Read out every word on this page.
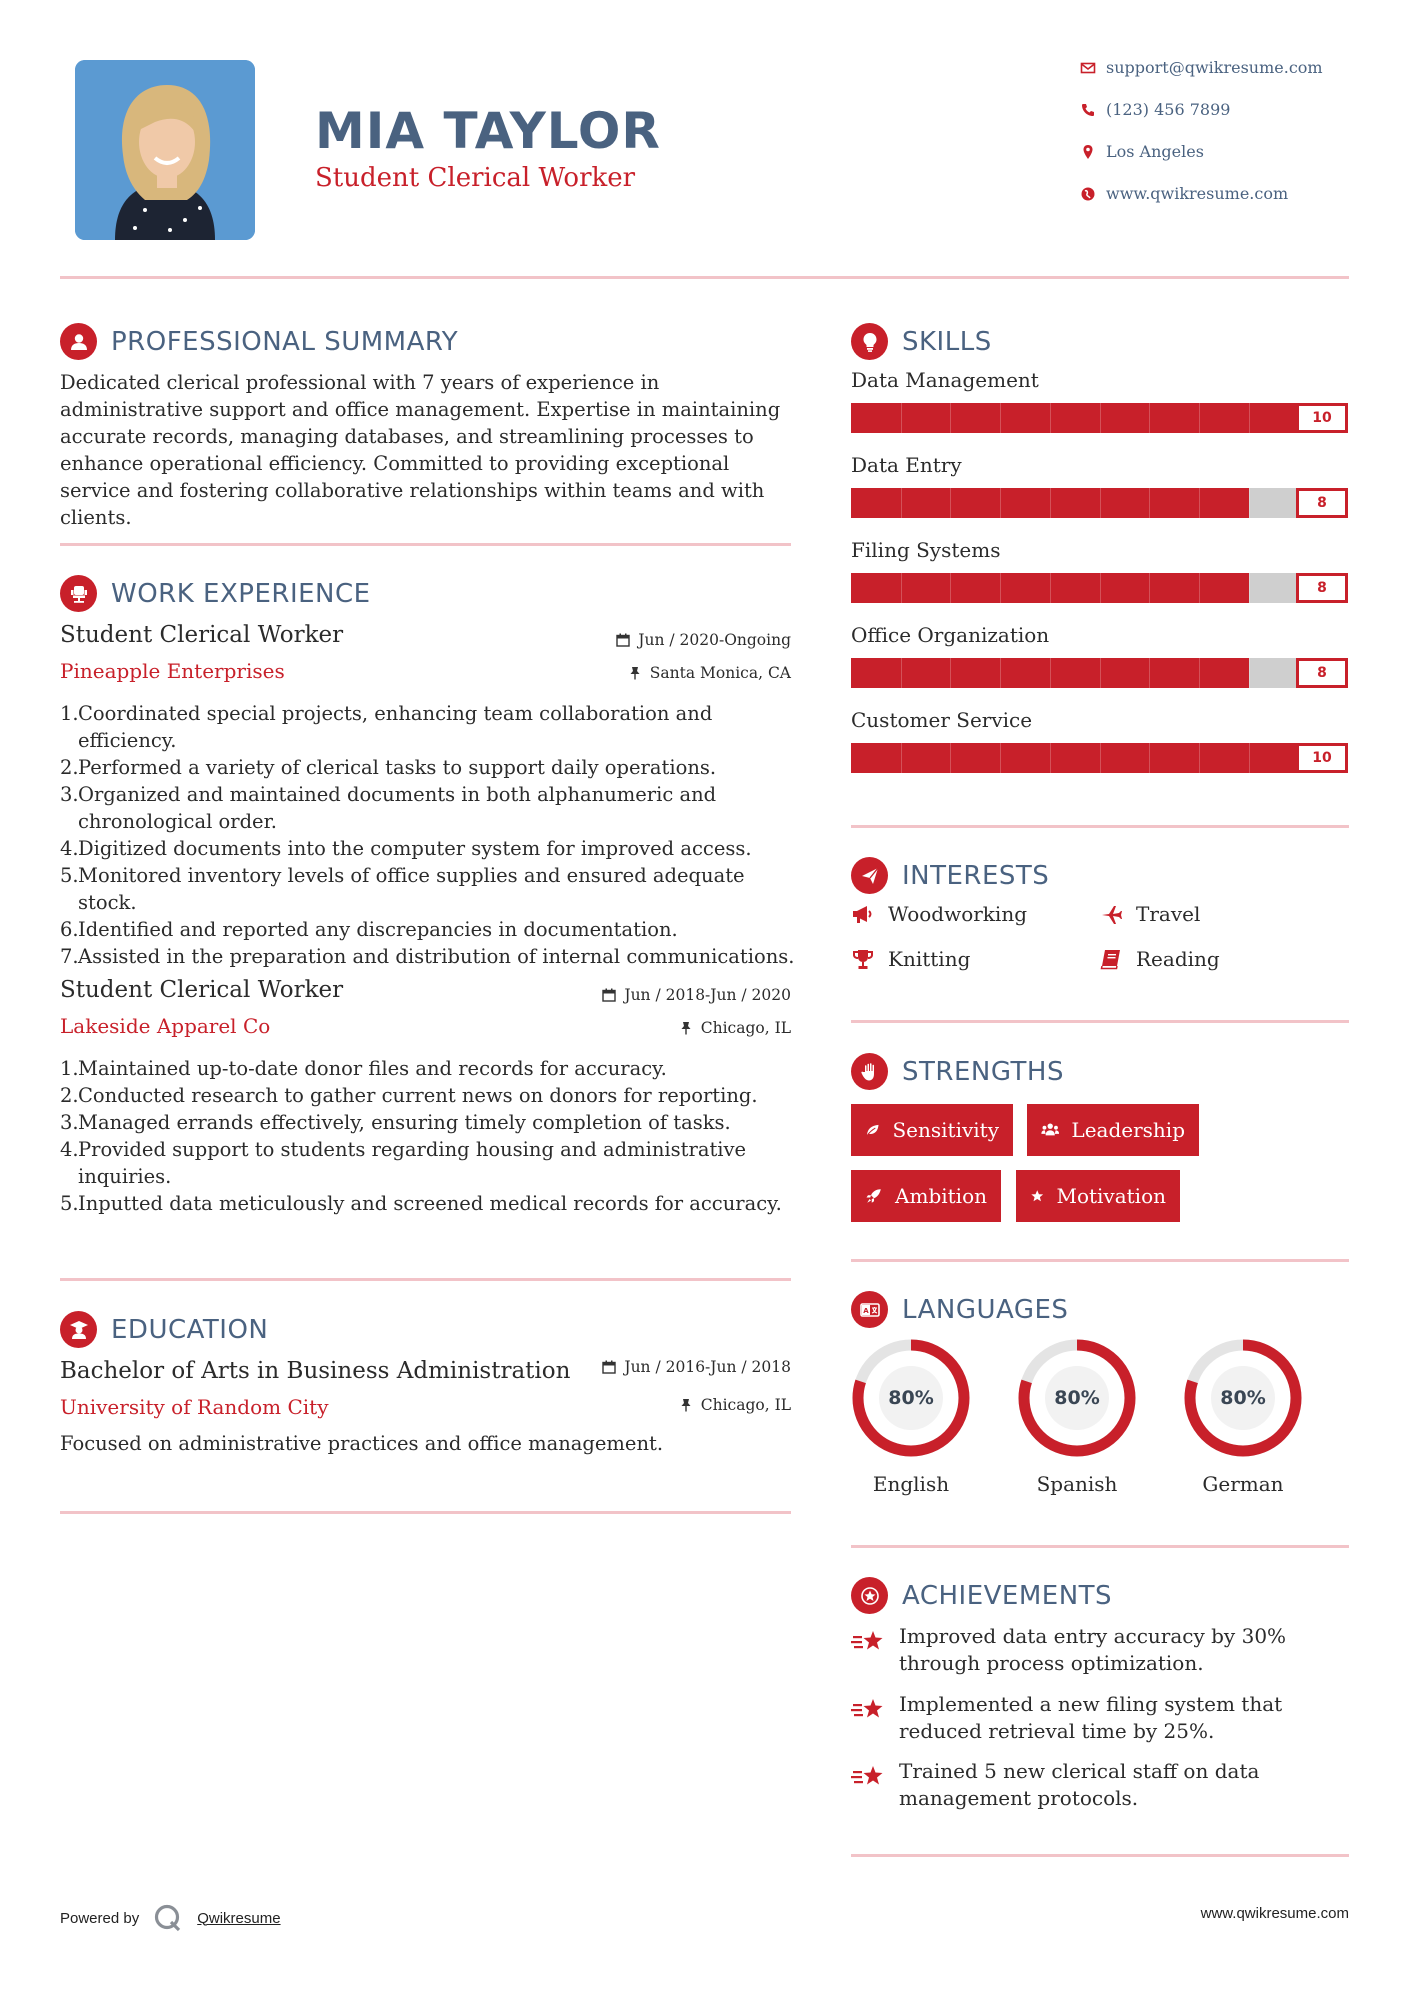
MIA TAYLOR
Student Clerical Worker
support@qwikresume.com
(123) 456 7899
Los Angeles
www.qwikresume.com
PROFESSIONAL SUMMARY
Dedicated clerical professional with 7 years of experience in administrative support and office management. Expertise in maintaining accurate records, managing databases, and streamlining processes to enhance operational efficiency. Committed to providing exceptional service and fostering collaborative relationships within teams and with clients.
WORK EXPERIENCE
Student Clerical Worker
Pineapple Enterprises
Jun / 2020-Ongoing
Santa Monica, CA
Coordinated special projects, enhancing team collaboration and efficiency.
Performed a variety of clerical tasks to support daily operations.
Organized and maintained documents in both alphanumeric and chronological order.
Digitized documents into the computer system for improved access.
Monitored inventory levels of office supplies and ensured adequate stock.
Identified and reported any discrepancies in documentation.
Assisted in the preparation and distribution of internal communications.
Student Clerical Worker
Lakeside Apparel Co
Jun / 2018-Jun / 2020
Chicago, IL
Maintained up-to-date donor files and records for accuracy.
Conducted research to gather current news on donors for reporting.
Managed errands effectively, ensuring timely completion of tasks.
Provided support to students regarding housing and administrative inquiries.
Inputted data meticulously and screened medical records for accuracy.
EDUCATION
Bachelor of Arts in Business Administration
University of Random City
Jun / 2016-Jun / 2018
Chicago, IL
Focused on administrative practices and office management.
SKILLS
Data Management
10
Data Entry
8
Filing Systems
8
Office Organization
8
Customer Service
10
INTERESTS
Woodworking	Travel
Knitting	Reading
STRENGTHS
Sensitivity	Leadership
Ambition	Motivation
A LANGUAGES
80%
English
80%
Spanish
80%
German
ACHIEVEMENTS
Improved data entry accuracy by 30% through process optimization.
Implemented a new filing system that reduced retrieval time by 25%.
Trained 5 new clerical staff on data management protocols.
Powered by	Qwikresume	www.qwikresume.com
